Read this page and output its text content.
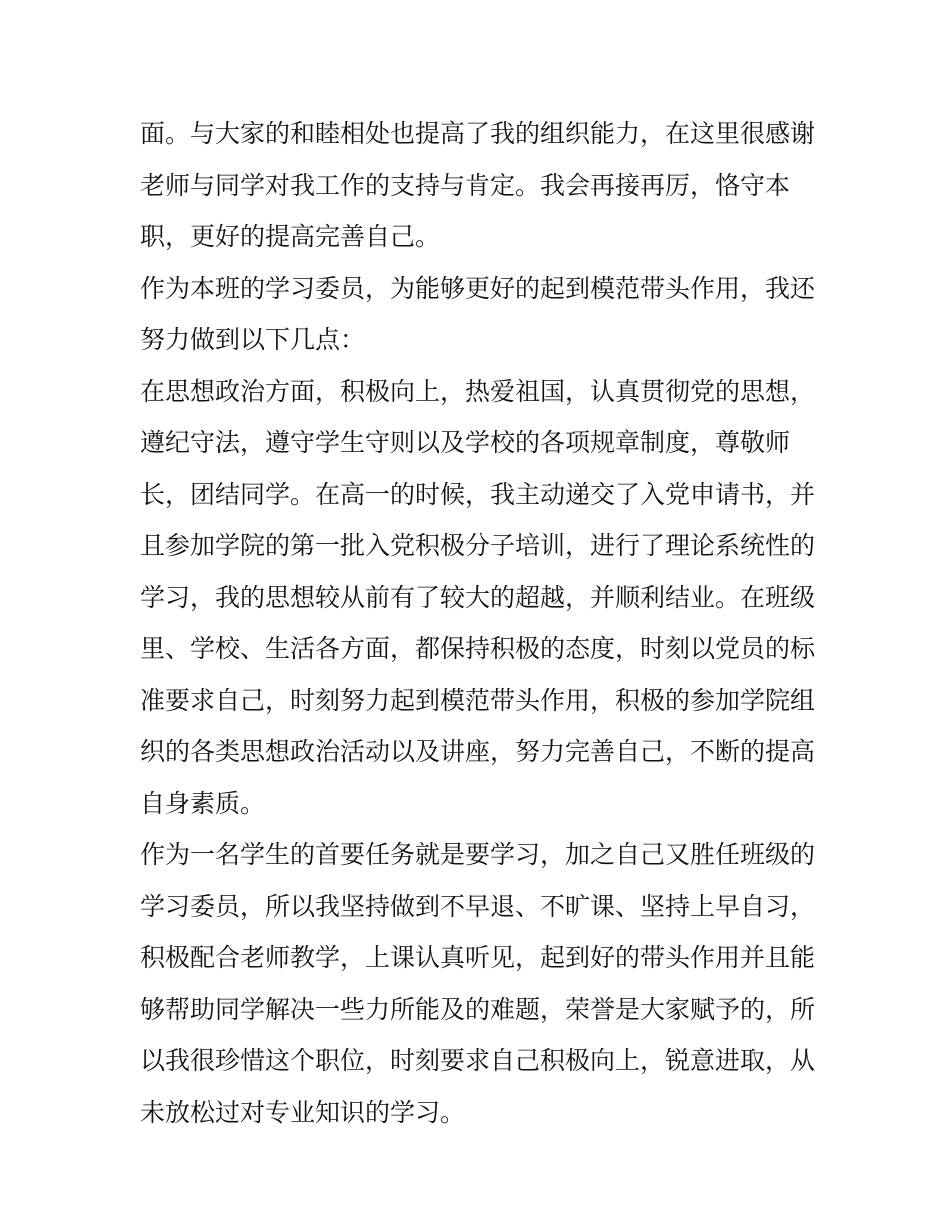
面。与大家的和睦相处也提高了我的组织能力，在这里很感谢
老师与同学对我工作的支持与肯定。我会再接再厉，恪守本
职，更好的提高完善自己。
作为本班的学习委员，为能够更好的起到模范带头作用，我还
努力做到以下几点：
在思想政治方面，积极向上，热爱祖国，认真贯彻党的思想，
遵纪守法，遵守学生守则以及学校的各项规章制度，尊敬师
长，团结同学。在高一的时候，我主动递交了入党申请书，并
且参加学院的第一批入党积极分子培训，进行了理论系统性的
学习，我的思想较从前有了较大的超越，并顺利结业。在班级
里、学校、生活各方面，都保持积极的态度，时刻以党员的标
准要求自己，时刻努力起到模范带头作用，积极的参加学院组
织的各类思想政治活动以及讲座，努力完善自己，不断的提高
自身素质。
作为一名学生的首要任务就是要学习，加之自己又胜任班级的
学习委员，所以我坚持做到不早退、不旷课、坚持上早自习，
积极配合老师教学，上课认真听见，起到好的带头作用并且能
够帮助同学解决一些力所能及的难题，荣誉是大家赋予的，所
以我很珍惜这个职位，时刻要求自己积极向上，锐意进取，从
未放松过对专业知识的学习。
